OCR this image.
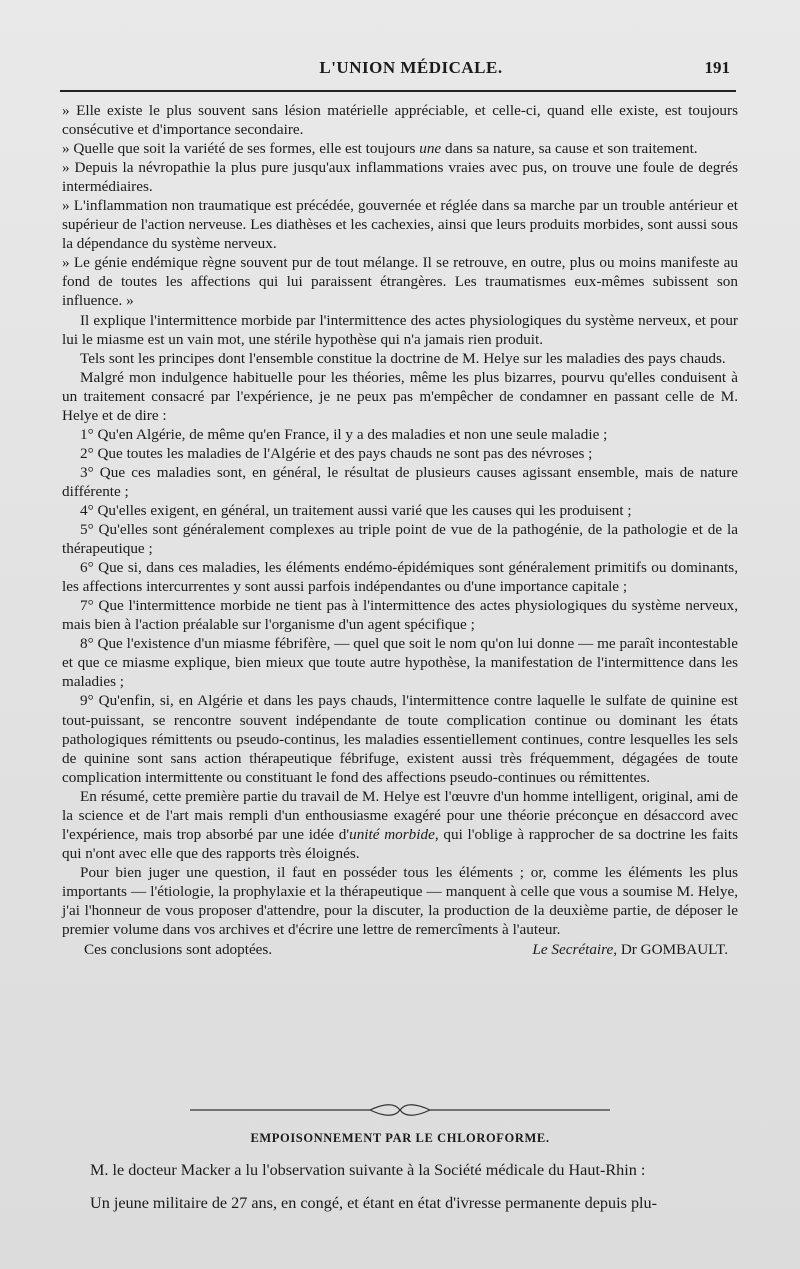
L'UNION MÉDICALE.	191

» Elle existe le plus souvent sans lésion matérielle appréciable, et celle-ci, quand elle existe, est toujours consécutive et d'importance secondaire.

» Quelle que soit la variété de ses formes, elle est toujours une dans sa nature, sa cause et son traitement.

» Depuis la névropathie la plus pure jusqu'aux inflammations vraies avec pus, on trouve une foule de degrés intermédiaires.

» L'inflammation non traumatique est précédée, gouvernée et réglée dans sa marche par un trouble antérieur et supérieur de l'action nerveuse. Les diathèses et les cachexies, ainsi que leurs produits morbides, sont aussi sous la dépendance du système nerveux.

» Le génie endémique règne souvent pur de tout mélange. Il se retrouve, en outre, plus ou moins manifeste au fond de toutes les affections qui lui paraissent étrangères. Les traumatismes eux-mêmes subissent son influence. »

Il explique l'intermittence morbide par l'intermittence des actes physiologiques du système nerveux, et pour lui le miasme est un vain mot, une stérile hypothèse qui n'a jamais rien produit.

Tels sont les principes dont l'ensemble constitue la doctrine de M. Helye sur les maladies des pays chauds.

Malgré mon indulgence habituelle pour les théories, même les plus bizarres, pourvu qu'elles conduisent à un traitement consacré par l'expérience, je ne peux pas m'empêcher de condamner en passant celle de M. Helye et de dire :

1° Qu'en Algérie, de même qu'en France, il y a des maladies et non une seule maladie ;

2° Que toutes les maladies de l'Algérie et des pays chauds ne sont pas des névroses ;

3° Que ces maladies sont, en général, le résultat de plusieurs causes agissant ensemble, mais de nature différente ;

4° Qu'elles exigent, en général, un traitement aussi varié que les causes qui les produisent ;

5° Qu'elles sont généralement complexes au triple point de vue de la pathogénie, de la pathologie et de la thérapeutique ;

6° Que si, dans ces maladies, les éléments endémo-épidémiques sont généralement primitifs ou dominants, les affections intercurrentes y sont aussi parfois indépendantes ou d'une importance capitale ;

7° Que l'intermittence morbide ne tient pas à l'intermittence des actes physiologiques du système nerveux, mais bien à l'action préalable sur l'organisme d'un agent spécifique ;

8° Que l'existence d'un miasme fébrifère, — quel que soit le nom qu'on lui donne — me paraît incontestable et que ce miasme explique, bien mieux que toute autre hypothèse, la manifestation de l'intermittence dans les maladies ;

9° Qu'enfin, si, en Algérie et dans les pays chauds, l'intermittence contre laquelle le sulfate de quinine est tout-puissant, se rencontre souvent indépendante de toute complication continue ou dominant les états pathologiques rémittents ou pseudo-continus, les maladies essentiellement continues, contre lesquelles les sels de quinine sont sans action thérapeutique fébrifuge, existent aussi très fréquemment, dégagées de toute complication intermittente ou constituant le fond des affections pseudo-continues ou rémittentes.

En résumé, cette première partie du travail de M. Helye est l'œuvre d'un homme intelligent, original, ami de la science et de l'art mais rempli d'un enthousiasme exagéré pour une théorie préconçue en désaccord avec l'expérience, mais trop absorbé par une idée d'unité morbide, qui l'oblige à rapprocher de sa doctrine les faits qui n'ont avec elle que des rapports très éloignés.

Pour bien juger une question, il faut en posséder tous les éléments ; or, comme les éléments les plus importants — l'étiologie, la prophylaxie et la thérapeutique — manquent à celle que vous a soumise M. Helye, j'ai l'honneur de vous proposer d'attendre, pour la discuter, la production de la deuxième partie, de déposer le premier volume dans vos archives et d'écrire une lettre de remercîments à l'auteur.

Ces conclusions sont adoptées.	Le Secrétaire, Dr GOMBAULT.
EMPOISONNEMENT PAR LE CHLOROFORME.

M. le docteur Macker a lu l'observation suivante à la Société médicale du Haut-Rhin :

Un jeune militaire de 27 ans, en congé, et étant en état d'ivresse permanente depuis plu-
